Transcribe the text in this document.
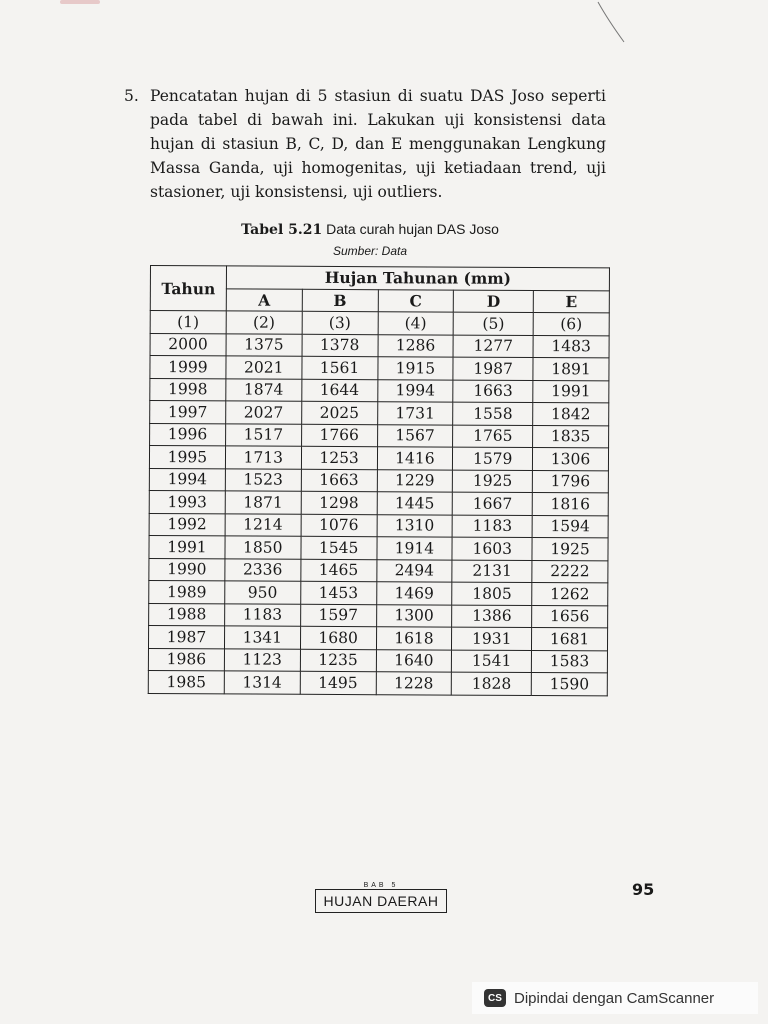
5. Pencatatan hujan di 5 stasiun di suatu DAS Joso seperti pada tabel di bawah ini. Lakukan uji konsistensi data hujan di stasiun B, C, D, dan E menggunakan Lengkung Massa Ganda, uji homogenitas, uji ketiadaan trend, uji stasioner, uji konsistensi, uji outliers.
Tabel 5.21 Data curah hujan DAS Joso
Sumber: Data
Tahun	Hujan Tahunan (mm)				
	A	B	C	D	E
(1)	(2)	(3)	(4)	(5)	(6)
2000	1375	1378	1286	1277	1483
1999	2021	1561	1915	1987	1891
1998	1874	1644	1994	1663	1991
1997	2027	2025	1731	1558	1842
1996	1517	1766	1567	1765	1835
1995	1713	1253	1416	1579	1306
1994	1523	1663	1229	1925	1796
1993	1871	1298	1445	1667	1816
1992	1214	1076	1310	1183	1594
1991	1850	1545	1914	1603	1925
1990	2336	1465	2494	2131	2222
1989	950	1453	1469	1805	1262
1988	1183	1597	1300	1386	1656
1987	1341	1680	1618	1931	1681
1986	1123	1235	1640	1541	1583
1985	1314	1495	1228	1828	1590
BAB 5
HUJAN DAERAH
95
CS Dipindai dengan CamScanner
